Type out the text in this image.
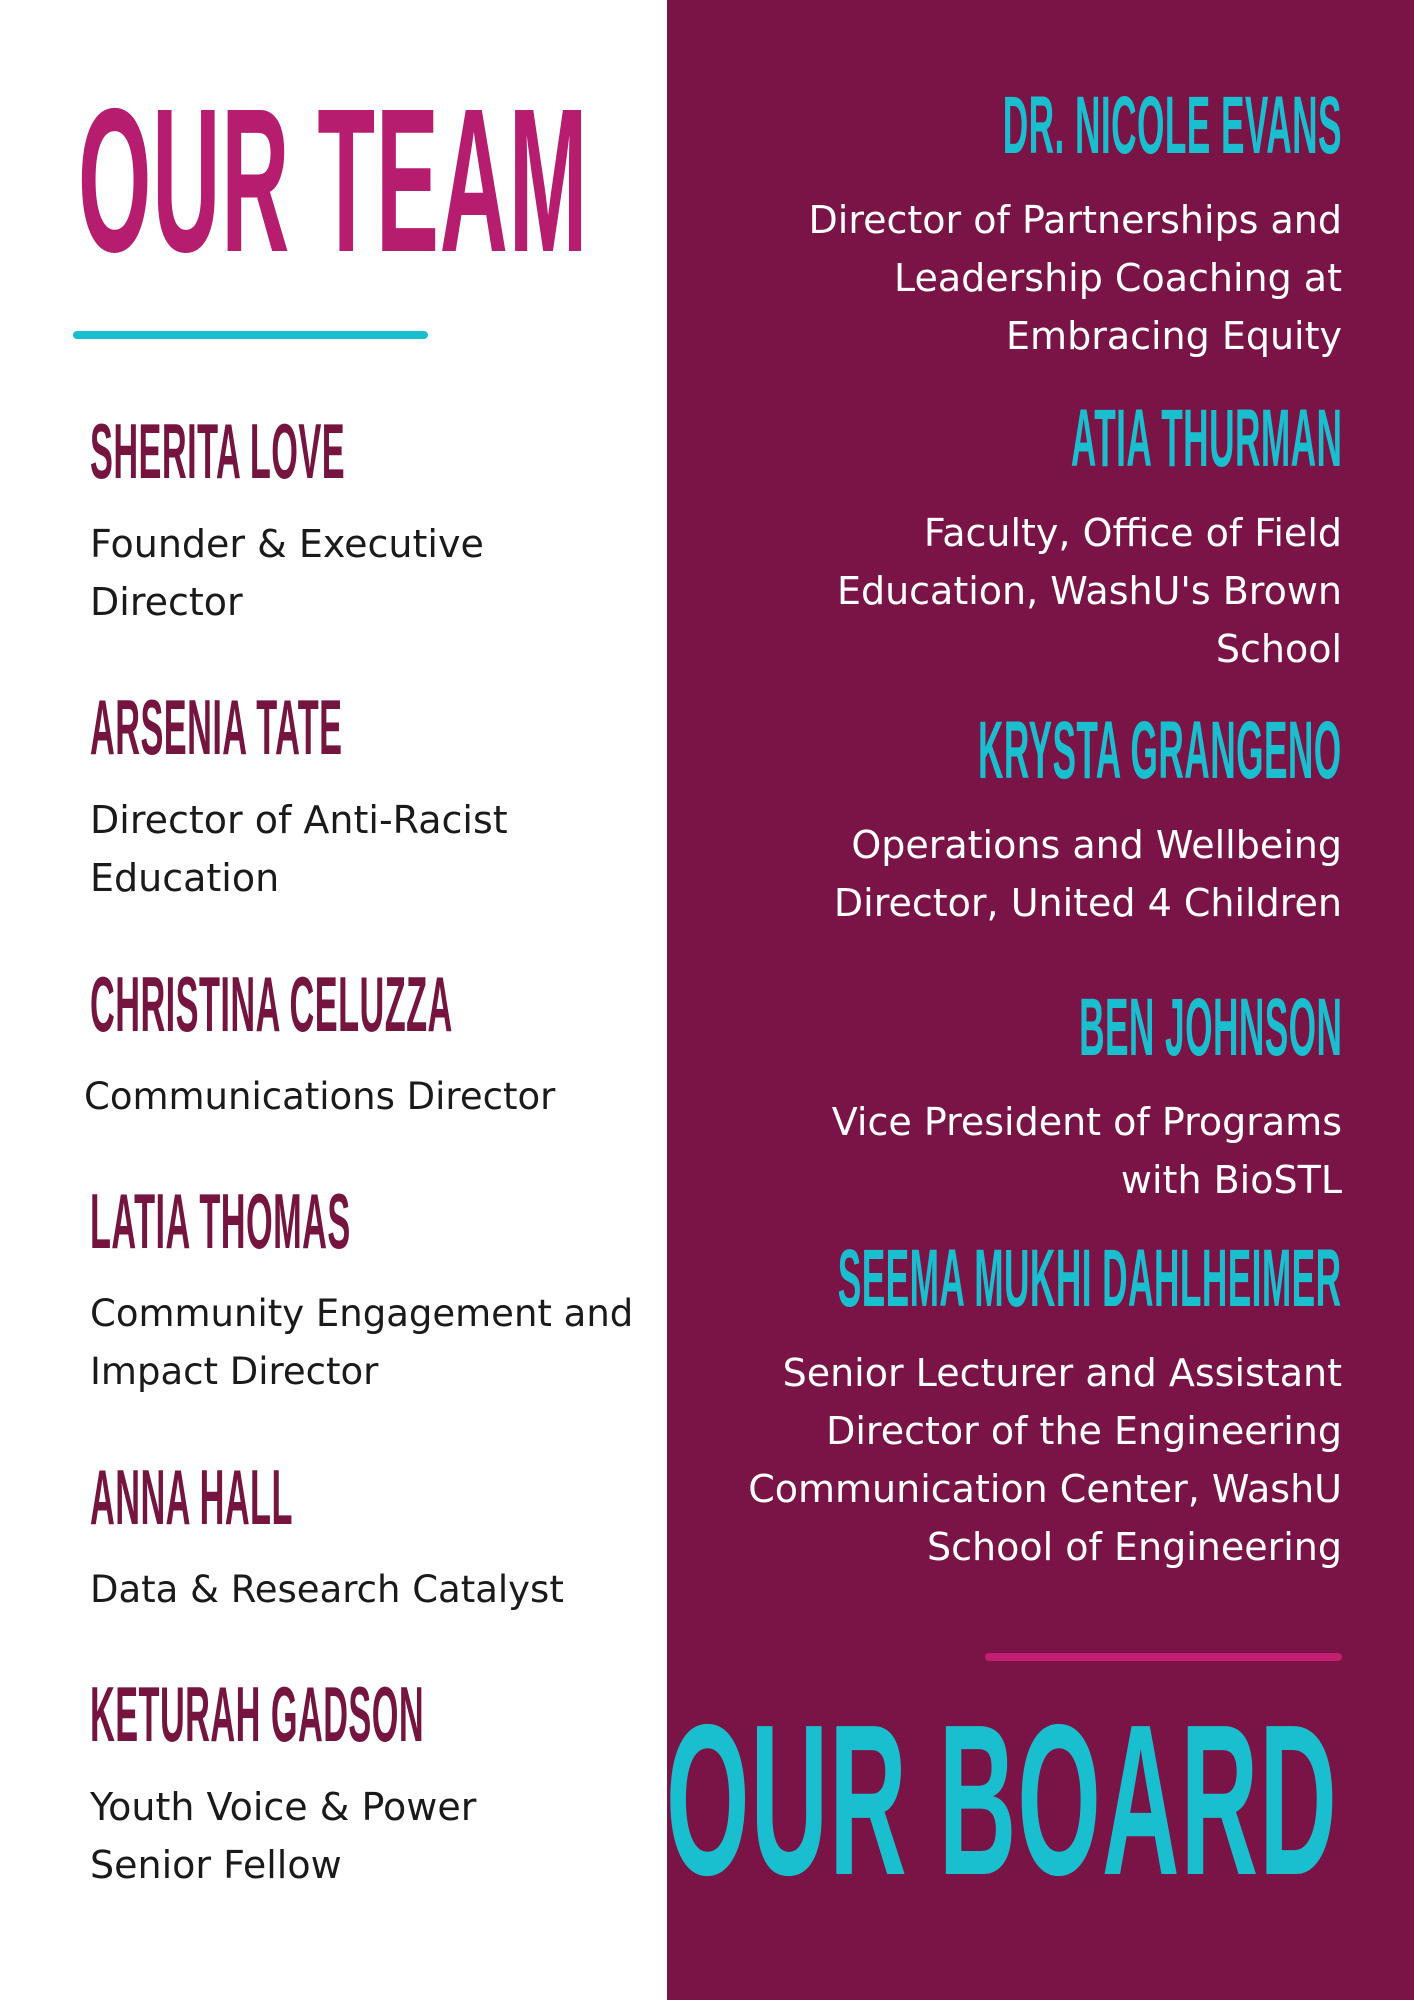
OUR TEAM
SHERITA LOVE

Founder & Executive Director

ARSENIA TATE

Director of Anti-Racist Education

CHRISTINA CELUZZA

Communications Director

LATIA THOMAS

Community Engagement and Impact Director

ANNA HALL

Data & Research Catalyst

KETURAH GADSON

Youth Voice & Power Senior Fellow

DR. NICOLE EVANS

Director of Partnerships and Leadership Coaching at Embracing Equity

ATIA THURMAN

Faculty, Office of Field Education, WashU's Brown School

KRYSTA GRANGENO

Operations and Wellbeing Director, United 4 Children

BEN JOHNSON

Vice President of Programs with BioSTL

SEEMA MUKHI DAHLHEIMER

Senior Lecturer and Assistant Director of the Engineering Communication Center, WashU School of Engineering

OUR BOARD
